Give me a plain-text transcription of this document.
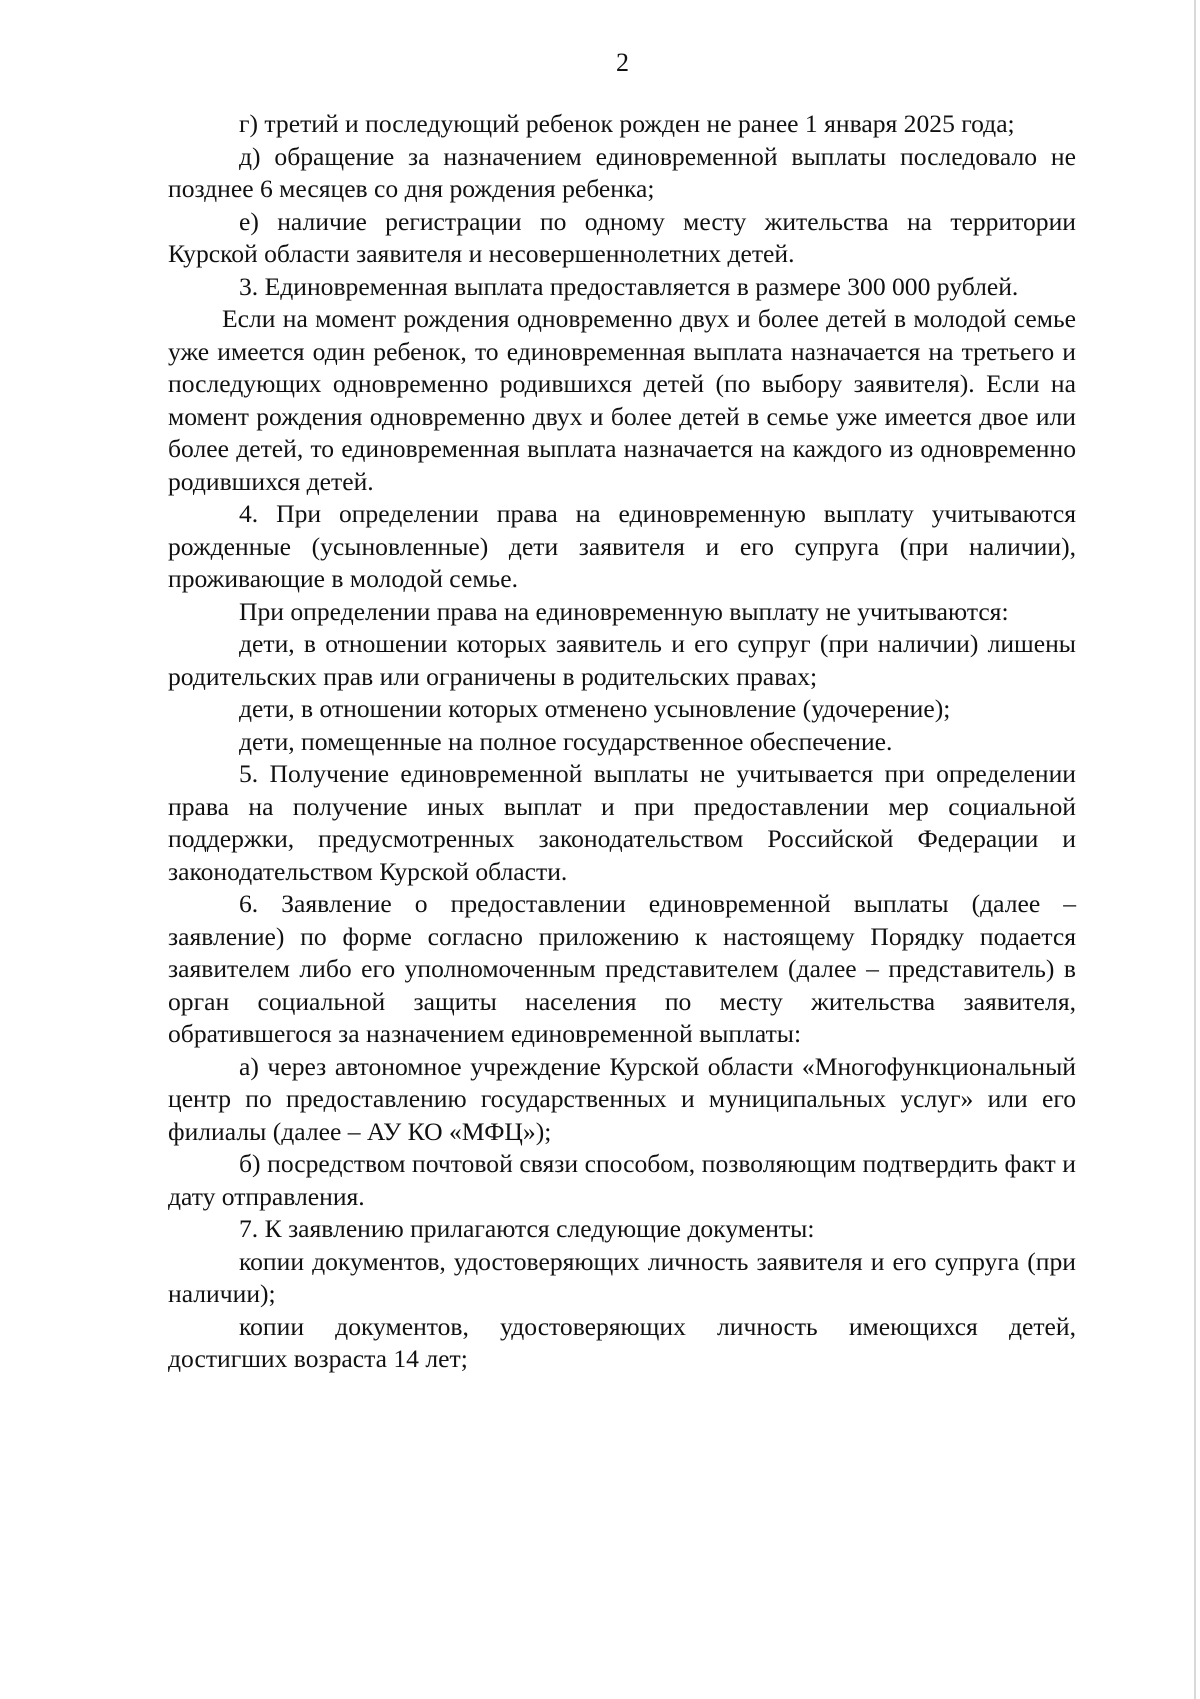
2

г) третий и последующий ребенок рожден не ранее 1 января 2025 года;

д) обращение за назначением единовременной выплаты последовало не позднее 6 месяцев со дня рождения ребенка;

е) наличие регистрации по одному месту жительства на территории Курской области заявителя и несовершеннолетних детей.

3. Единовременная выплата предоставляется в размере 300 000 рублей.

Если на момент рождения одновременно двух и более детей в молодой семье уже имеется один ребенок, то единовременная выплата назначается на третьего и последующих одновременно родившихся детей (по выбору заявителя). Если на момент рождения одновременно двух и более детей в семье уже имеется двое или более детей, то единовременная выплата назначается на каждого из одновременно родившихся детей.

4. При определении права на единовременную выплату учитываются рожденные (усыновленные) дети заявителя и его супруга (при наличии), проживающие в молодой семье.

При определении права на единовременную выплату не учитываются:

дети, в отношении которых заявитель и его супруг (при наличии) лишены родительских прав или ограничены в родительских правах;

дети, в отношении которых отменено усыновление (удочерение);

дети, помещенные на полное государственное обеспечение.

5. Получение единовременной выплаты не учитывается при определении права на получение иных выплат и при предоставлении мер социальной поддержки, предусмотренных законодательством Российской Федерации и законодательством Курской области.

6. Заявление о предоставлении единовременной выплаты (далее – заявление) по форме согласно приложению к настоящему Порядку подается заявителем либо его уполномоченным представителем (далее – представитель) в орган социальной защиты населения по месту жительства заявителя, обратившегося за назначением единовременной выплаты:

а) через автономное учреждение Курской области «Многофункциональный центр по предоставлению государственных и муниципальных услуг» или его филиалы (далее – АУ КО «МФЦ»);

б) посредством почтовой связи способом, позволяющим подтвердить факт и дату отправления.

7. К заявлению прилагаются следующие документы:

копии документов, удостоверяющих личность заявителя и его супруга (при наличии);

копии документов, удостоверяющих личность имеющихся детей, достигших возраста 14 лет;
